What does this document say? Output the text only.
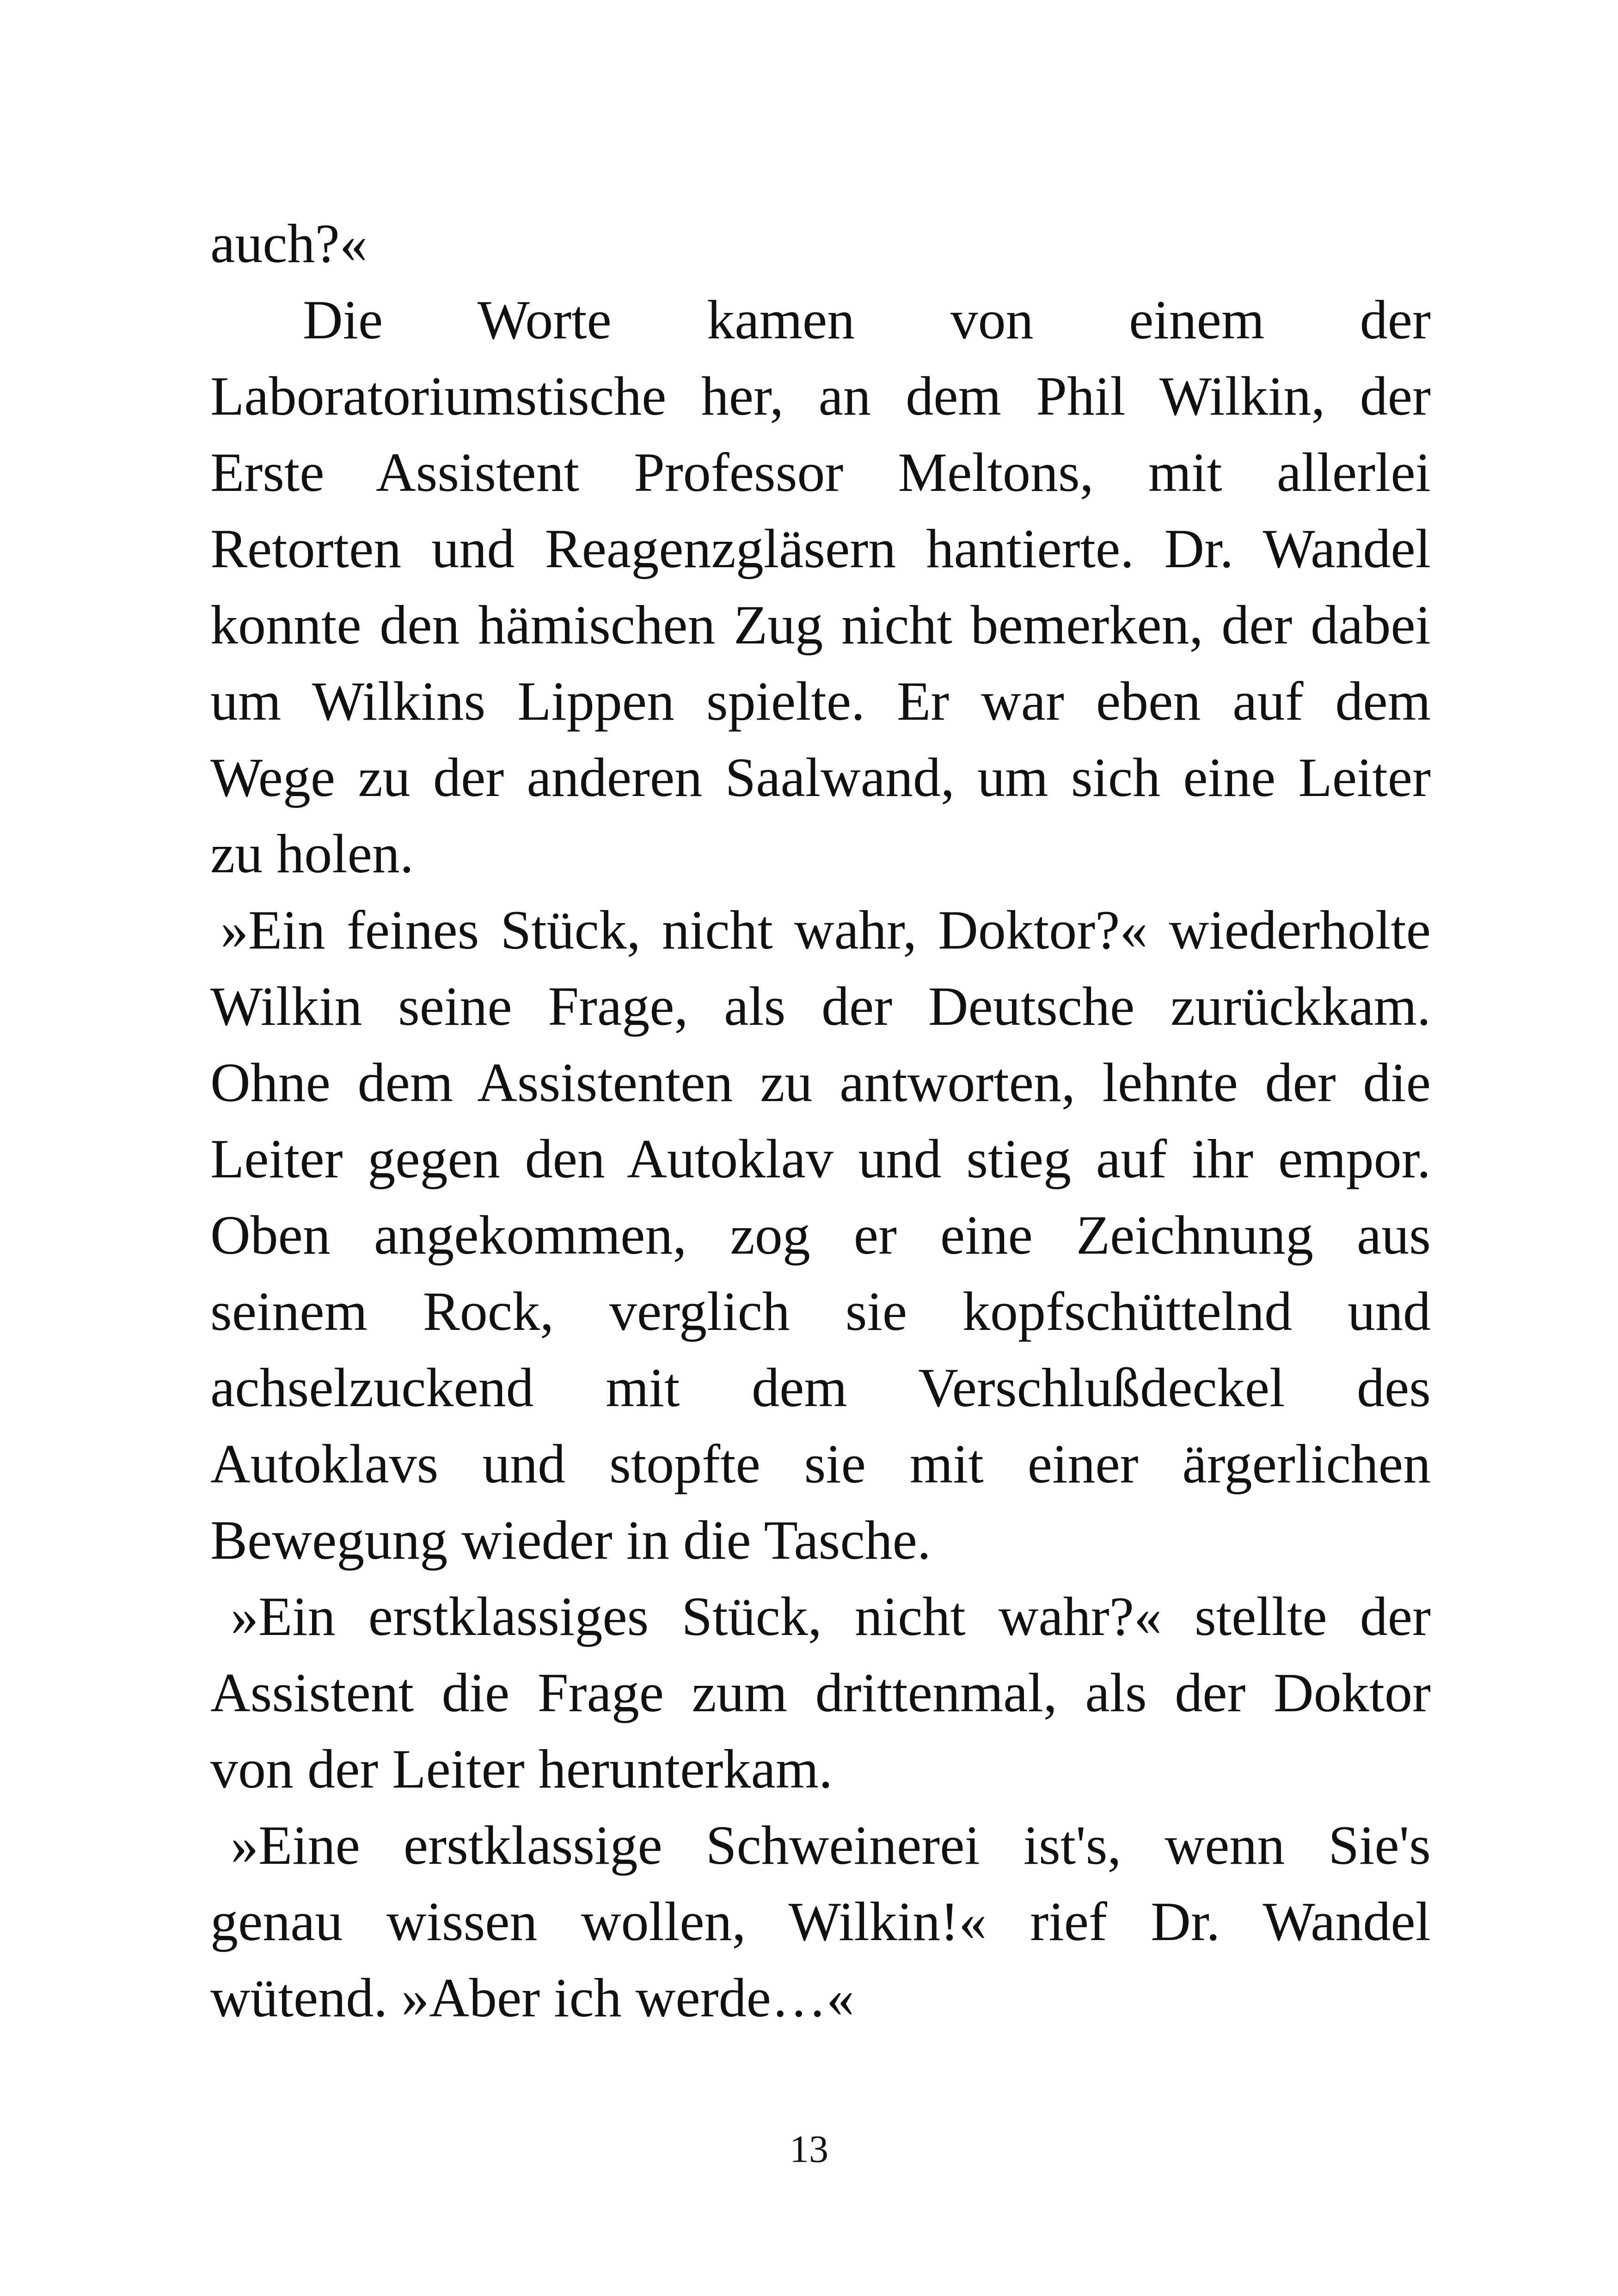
auch?«
Die Worte kamen von einem der
Laboratoriumstische her, an dem Phil Wilkin, der
Erste Assistent Professor Meltons, mit allerlei
Retorten und Reagenzgläsern hantierte. Dr. Wandel
konnte den hämischen Zug nicht bemerken, der dabei
um Wilkins Lippen spielte. Er war eben auf dem
Wege zu der anderen Saalwand, um sich eine Leiter
zu holen.
»Ein feines Stück, nicht wahr, Doktor?« wiederholte
Wilkin seine Frage, als der Deutsche zurückkam.
Ohne dem Assistenten zu antworten, lehnte der die
Leiter gegen den Autoklav und stieg auf ihr empor.
Oben angekommen, zog er eine Zeichnung aus
seinem Rock, verglich sie kopfschüttelnd und
achselzuckend mit dem Verschlußdeckel des
Autoklavs und stopfte sie mit einer ärgerlichen
Bewegung wieder in die Tasche.
»Ein erstklassiges Stück, nicht wahr?« stellte der
Assistent die Frage zum drittenmal, als der Doktor
von der Leiter herunterkam.
»Eine erstklassige Schweinerei ist's, wenn Sie's
genau wissen wollen, Wilkin!« rief Dr. Wandel
wütend. »Aber ich werde…«
13
